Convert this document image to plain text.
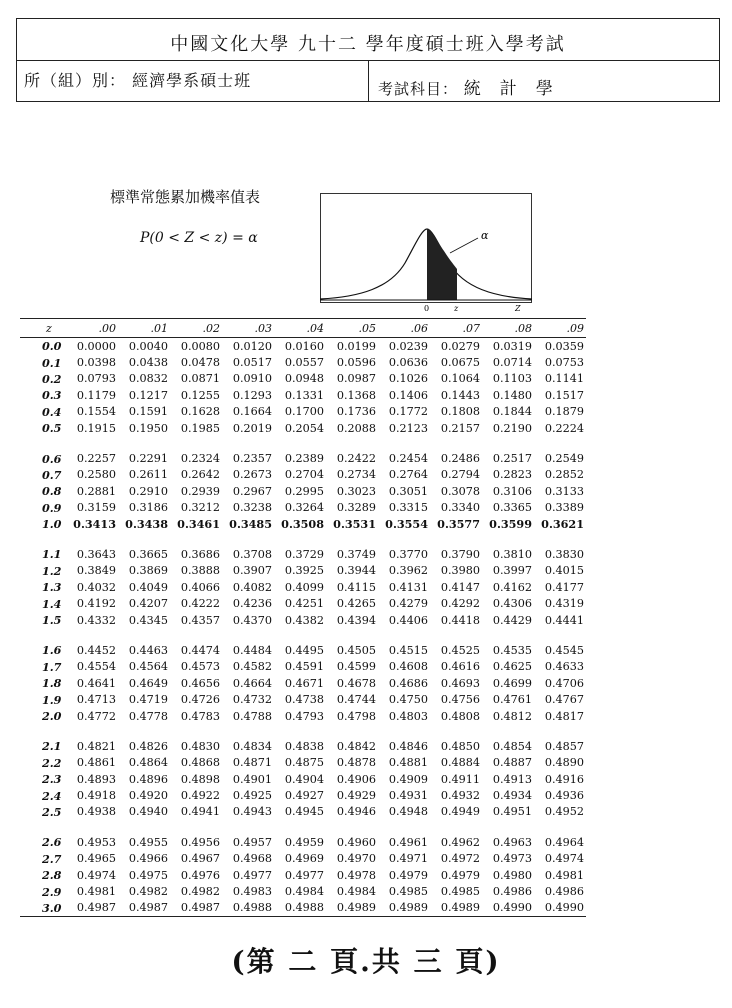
中國文化大學 九十二 學年度碩士班入學考試
所（組）別： 經濟學系碩士班	考試科目： 統　計　學
標準常態累加機率值表
P(0 < Z < z) = α	α
0	z	Z
z	.00	.01	.02	.03	.04	.05	.06	.07	.08	.09
0.0	0.0000	0.0040	0.0080	0.0120	0.0160	0.0199	0.0239	0.0279	0.0319	0.0359
0.1	0.0398	0.0438	0.0478	0.0517	0.0557	0.0596	0.0636	0.0675	0.0714	0.0753
0.2	0.0793	0.0832	0.0871	0.0910	0.0948	0.0987	0.1026	0.1064	0.1103	0.1141
0.3	0.1179	0.1217	0.1255	0.1293	0.1331	0.1368	0.1406	0.1443	0.1480	0.1517
0.4	0.1554	0.1591	0.1628	0.1664	0.1700	0.1736	0.1772	0.1808	0.1844	0.1879
0.5	0.1915	0.1950	0.1985	0.2019	0.2054	0.2088	0.2123	0.2157	0.2190	0.2224
0.6	0.2257	0.2291	0.2324	0.2357	0.2389	0.2422	0.2454	0.2486	0.2517	0.2549
0.7	0.2580	0.2611	0.2642	0.2673	0.2704	0.2734	0.2764	0.2794	0.2823	0.2852
0.8	0.2881	0.2910	0.2939	0.2967	0.2995	0.3023	0.3051	0.3078	0.3106	0.3133
0.9	0.3159	0.3186	0.3212	0.3238	0.3264	0.3289	0.3315	0.3340	0.3365	0.3389
1.0	0.3413 0.3438 0.3461 0.3485 0.3508 0.3531 0.3554 0.3577 0.3599 0.3621
1.1	0.3643	0.3665	0.3686	0.3708	0.3729	0.3749	0.3770	0.3790	0.3810	0.3830
1.2	0.3849	0.3869	0.3888	0.3907	0.3925	0.3944	0.3962	0.3980	0.3997	0.4015
1.3	0.4032	0.4049	0.4066	0.4082	0.4099	0.4115	0.4131	0.4147	0.4162	0.4177
1.4	0.4192	0.4207	0.4222	0.4236	0.4251	0.4265	0.4279	0.4292	0.4306	0.4319
1.5	0.4332	0.4345	0.4357	0.4370	0.4382	0.4394	0.4406	0.4418	0.4429	0.4441
1.6	0.4452	0.4463	0.4474	0.4484	0.4495	0.4505	0.4515	0.4525	0.4535	0.4545
1.7	0.4554	0.4564	0.4573	0.4582	0.4591	0.4599	0.4608	0.4616	0.4625	0.4633
1.8	0.4641	0.4649	0.4656	0.4664	0.4671	0.4678	0.4686	0.4693	0.4699	0.4706
1.9	0.4713	0.4719	0.4726	0.4732	0.4738	0.4744	0.4750	0.4756	0.4761	0.4767
2.0	0.4772	0.4778	0.4783	0.4788	0.4793	0.4798	0.4803	0.4808	0.4812	0.4817
2.1	0.4821	0.4826	0.4830	0.4834	0.4838	0.4842	0.4846	0.4850	0.4854	0.4857
2.2	0.4861	0.4864	0.4868	0.4871	0.4875	0.4878	0.4881	0.4884	0.4887	0.4890
2.3	0.4893	0.4896	0.4898	0.4901	0.4904	0.4906	0.4909	0.4911	0.4913	0.4916
2.4	0.4918	0.4920	0.4922	0.4925	0.4927	0.4929	0.4931	0.4932	0.4934	0.4936
2.5	0.4938	0.4940	0.4941	0.4943	0.4945	0.4946	0.4948	0.4949	0.4951	0.4952
2.6	0.4953	0.4955	0.4956	0.4957	0.4959	0.4960	0.4961	0.4962	0.4963	0.4964
2.7	0.4965	0.4966	0.4967	0.4968	0.4969	0.4970	0.4971	0.4972	0.4973	0.4974
2.8	0.4974	0.4975	0.4976	0.4977	0.4977	0.4978	0.4979	0.4979	0.4980	0.4981
2.9	0.4981	0.4982	0.4982	0.4983	0.4984	0.4984	0.4985	0.4985	0.4986	0.4986
3.0	0.4987	0.4987	0.4987	0.4988	0.4988	0.4989	0.4989	0.4989	0.4990	0.4990
(第 二 頁.共 三 頁)
